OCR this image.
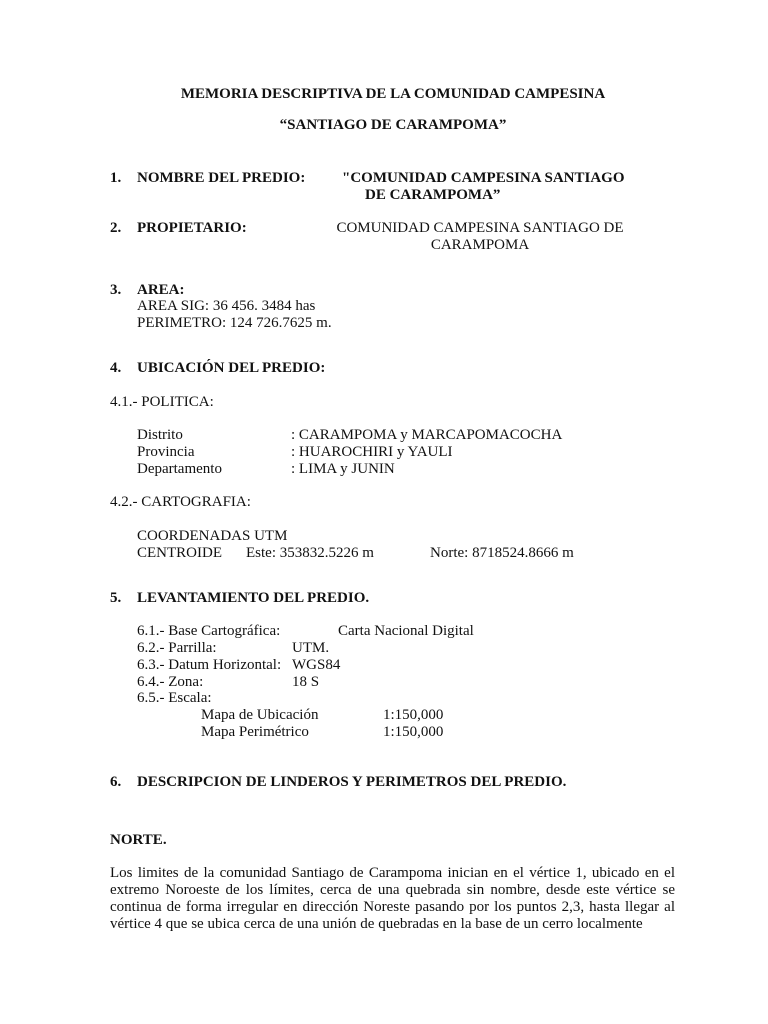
MEMORIA DESCRIPTIVA DE LA COMUNIDAD CAMPESINA
“SANTIAGO DE CARAMPOMA”
1. NOMBRE DEL PREDIO: "COMUNIDAD CAMPESINA SANTIAGO
DE CARAMPOMA”
2. PROPIETARIO:	COMUNIDAD CAMPESINA SANTIAGO DE
CARAMPOMA
3. AREA:
AREA SIG: 36 456. 3484 has
PERIMETRO: 124 726.7625 m.
4. UBICACIÓN DEL PREDIO:
4.1.- POLITICA:
Distrito	: CARAMPOMA y MARCAPOMACOCHA
Provincia	: HUAROCHIRI y YAULI
Departamento	: LIMA y JUNIN
4.2.- CARTOGRAFIA:
COORDENADAS UTM
CENTROIDE Este: 353832.5226 m	Norte: 8718524.8666 m
5. LEVANTAMIENTO DEL PREDIO.
6.1.- Base Cartográfica:	Carta Nacional Digital
6.2.- Parrilla:	UTM.
6.3.- Datum Horizontal: WGS84
6.4.- Zona:	18 S
6.5.- Escala:
Mapa de Ubicación	1:150,000
Mapa Perimétrico	1:150,000
6. DESCRIPCION DE LINDEROS Y PERIMETROS DEL PREDIO.
NORTE.
Los limites de la comunidad Santiago de Carampoma inician en el vértice 1, ubicado en el extremo Noroeste de los límites, cerca de una quebrada sin nombre, desde este vértice se continua de forma irregular en dirección Noreste pasando por los puntos 2,3, hasta llegar al vértice 4 que se ubica cerca de una unión de quebradas en la base de un cerro localmente
